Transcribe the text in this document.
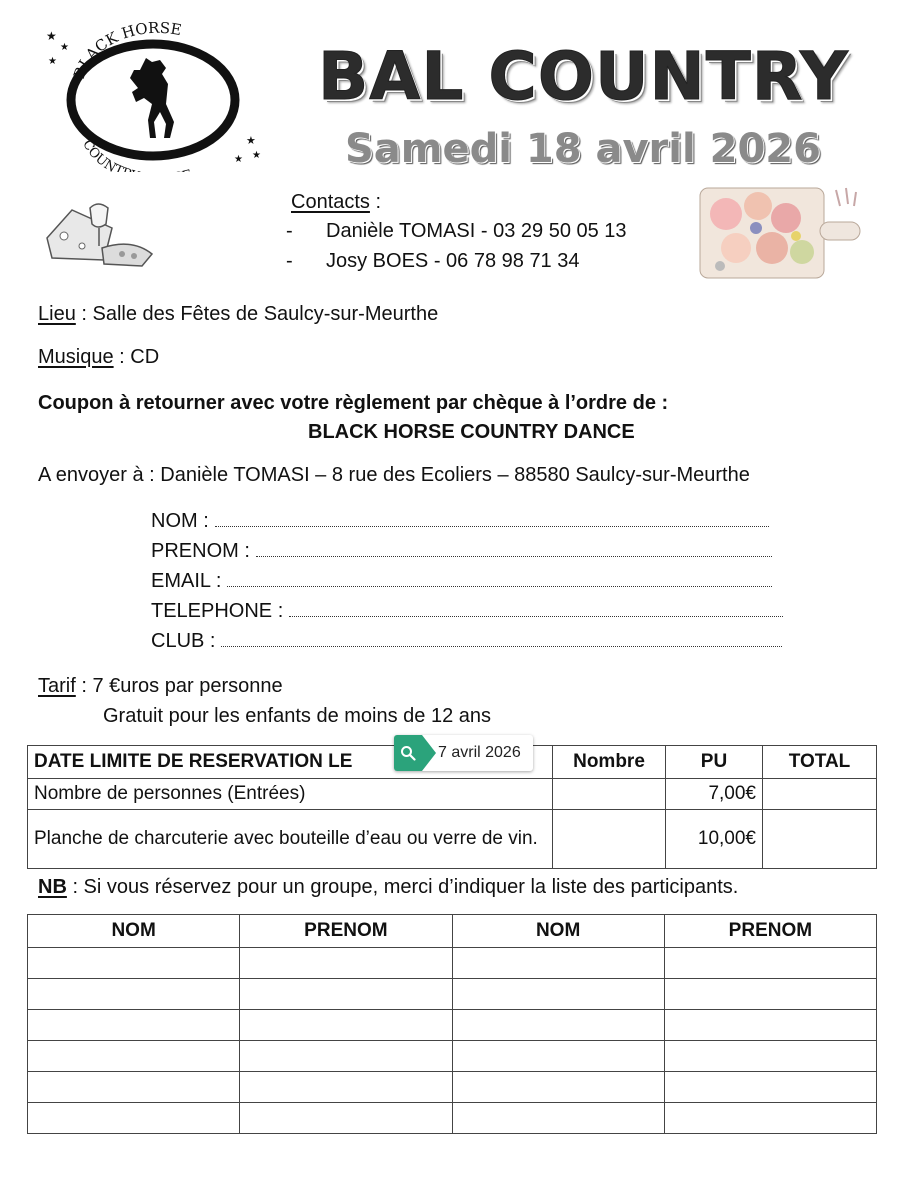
BLACK HORSE
COUNT
★
★
★
★
★
★
BAL COUNTRY
Samedi 18 avril 2026
Contacts :
- Danièle TOMASI - 03 29 50 05 13
- Josy BOES - 06 78 98 71 34
Lieu : Salle des Fêtes de Saulcy-sur-Meurthe
Musique : CD
Coupon à retourner avec votre règlement par chèque à l’ordre de :
BLACK HORSE COUNTRY DANCE
A envoyer à : Danièle TOMASI – 8 rue des Ecoliers – 88580 Saulcy-sur-Meurthe
NOM :
PRENOM :
EMAIL :
TELEPHONE :
CLUB :
Tarif : 7 €uros par personne
Gratuit pour les enfants de moins de 12 ans
DATE LIMITE DE RESERVATION LE	Nombre	PU	TOTAL
Nombre de personnes (Entrées)		7,00€	
Planche de charcuterie avec bouteille d’eau ou verre de vin.		10,00€	
7 avril 2026
NB : Si vous réservez pour un groupe, merci d’indiquer la liste des participants.
NOM	PRENOM	NOM	PRENOM
